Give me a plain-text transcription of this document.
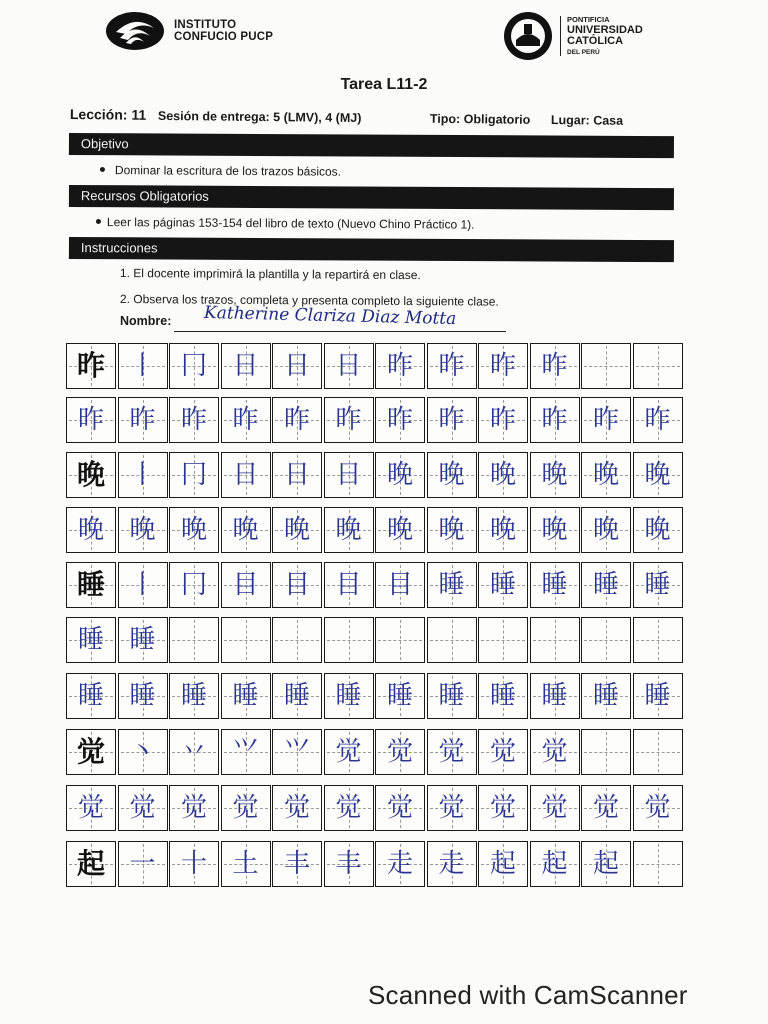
INSTITUTO
CONFUCIO PUCP
PONTIFICIA
UNIVERSIDAD
CATÓLICA
DEL PERÚ
Tarea L11-2
Lección: 11 Sesión de entrega: 5 (LMV), 4 (MJ)	Tipo: Obligatorio Lugar: Casa
Objetivo
Dominar la escritura de los trazos básicos.
Recursos Obligatorios
Leer las páginas 153-154 del libro de texto (Nuevo Chino Práctico 1).
Instrucciones
1. El docente imprimirá la plantilla y la repartirá en clase.
2. Observa los trazos, completa y presenta completo la siguiente clase.
Nombre: Katherine Clariza Diaz Motta
昨 丨 冂 日 日 日 昨 昨 昨 昨
昨 昨 昨 昨 昨 昨 昨 昨 昨 昨 昨 昨
晚 丨 冂 日 日 日 晚 晚 晚 晚 晚 晚
晚 晚 晚 晚 晚 晚 晚 晚 晚 晚 晚 晚
睡 丨 冂 目 目 目 目 睡 睡 睡 睡 睡
睡 睡
睡 睡 睡 睡 睡 睡 睡 睡 睡 睡 睡 睡
觉 丶 丷 ⺍ ⺍ 觉 觉 觉 觉 觉
觉 觉 觉 觉 觉 觉 觉 觉 觉 觉 觉 觉
起 一 十 土 丰 丰 走 走 起 起 起
Scanned with CamScanner
